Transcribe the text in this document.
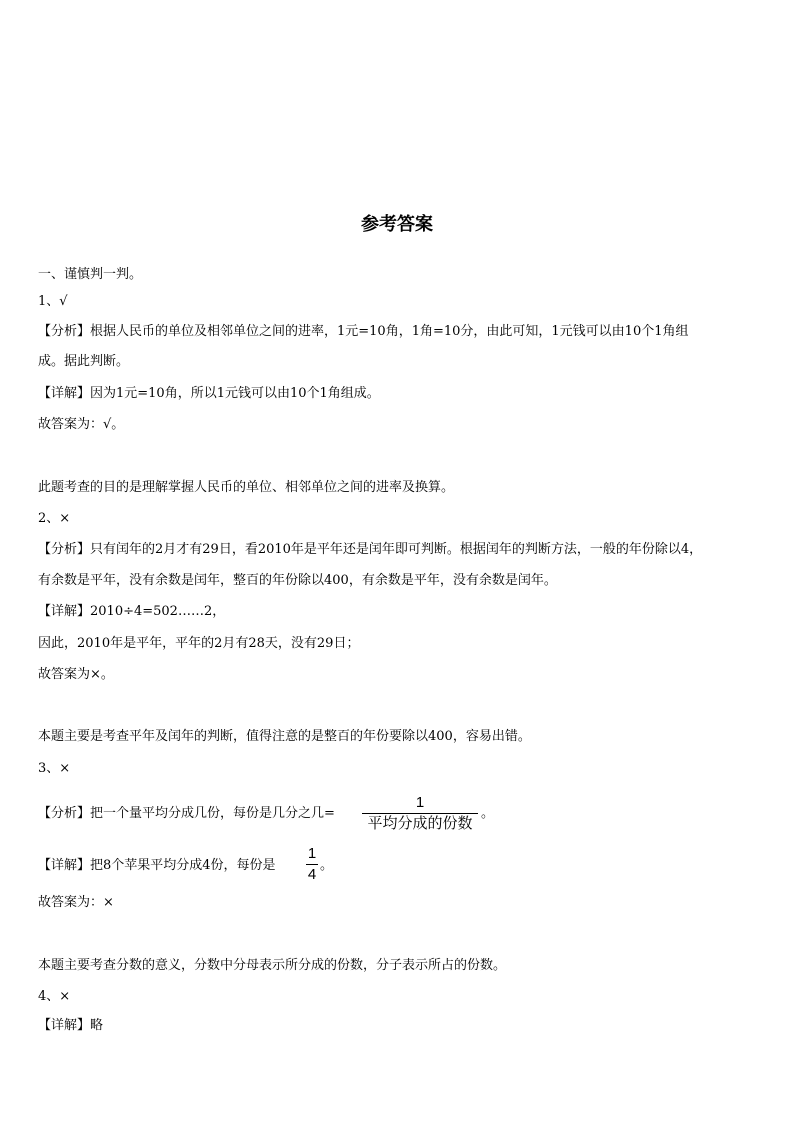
参考答案
一、谨慎判一判。
1、√
【分析】根据人民币的单位及相邻单位之间的进率，1元=10角，1角=10分，由此可知，1元钱可以由10个1角组
成。据此判断。
【详解】因为1元=10角，所以1元钱可以由10个1角组成。
故答案为：√。
此题考查的目的是理解掌握人民币的单位、相邻单位之间的进率及换算。
2、×
【分析】只有闰年的2月才有29日，看2010年是平年还是闰年即可判断。根据闰年的判断方法，一般的年份除以4，
有余数是平年，没有余数是闰年，整百的年份除以400，有余数是平年，没有余数是闰年。
【详解】2010÷4=502……2，
因此，2010年是平年，平年的2月有28天，没有29日；
故答案为×。
本题主要是考查平年及闰年的判断，值得注意的是整百的年份要除以400，容易出错。
3、×
【分析】把一个量平均分成几份，每份是几分之几=
1
平均分成的份数
。
【详解】把8个苹果平均分成4份，每份是
1
4
。
故答案为：×
本题主要考查分数的意义，分数中分母表示所分成的份数，分子表示所占的份数。
4、×
【详解】略
